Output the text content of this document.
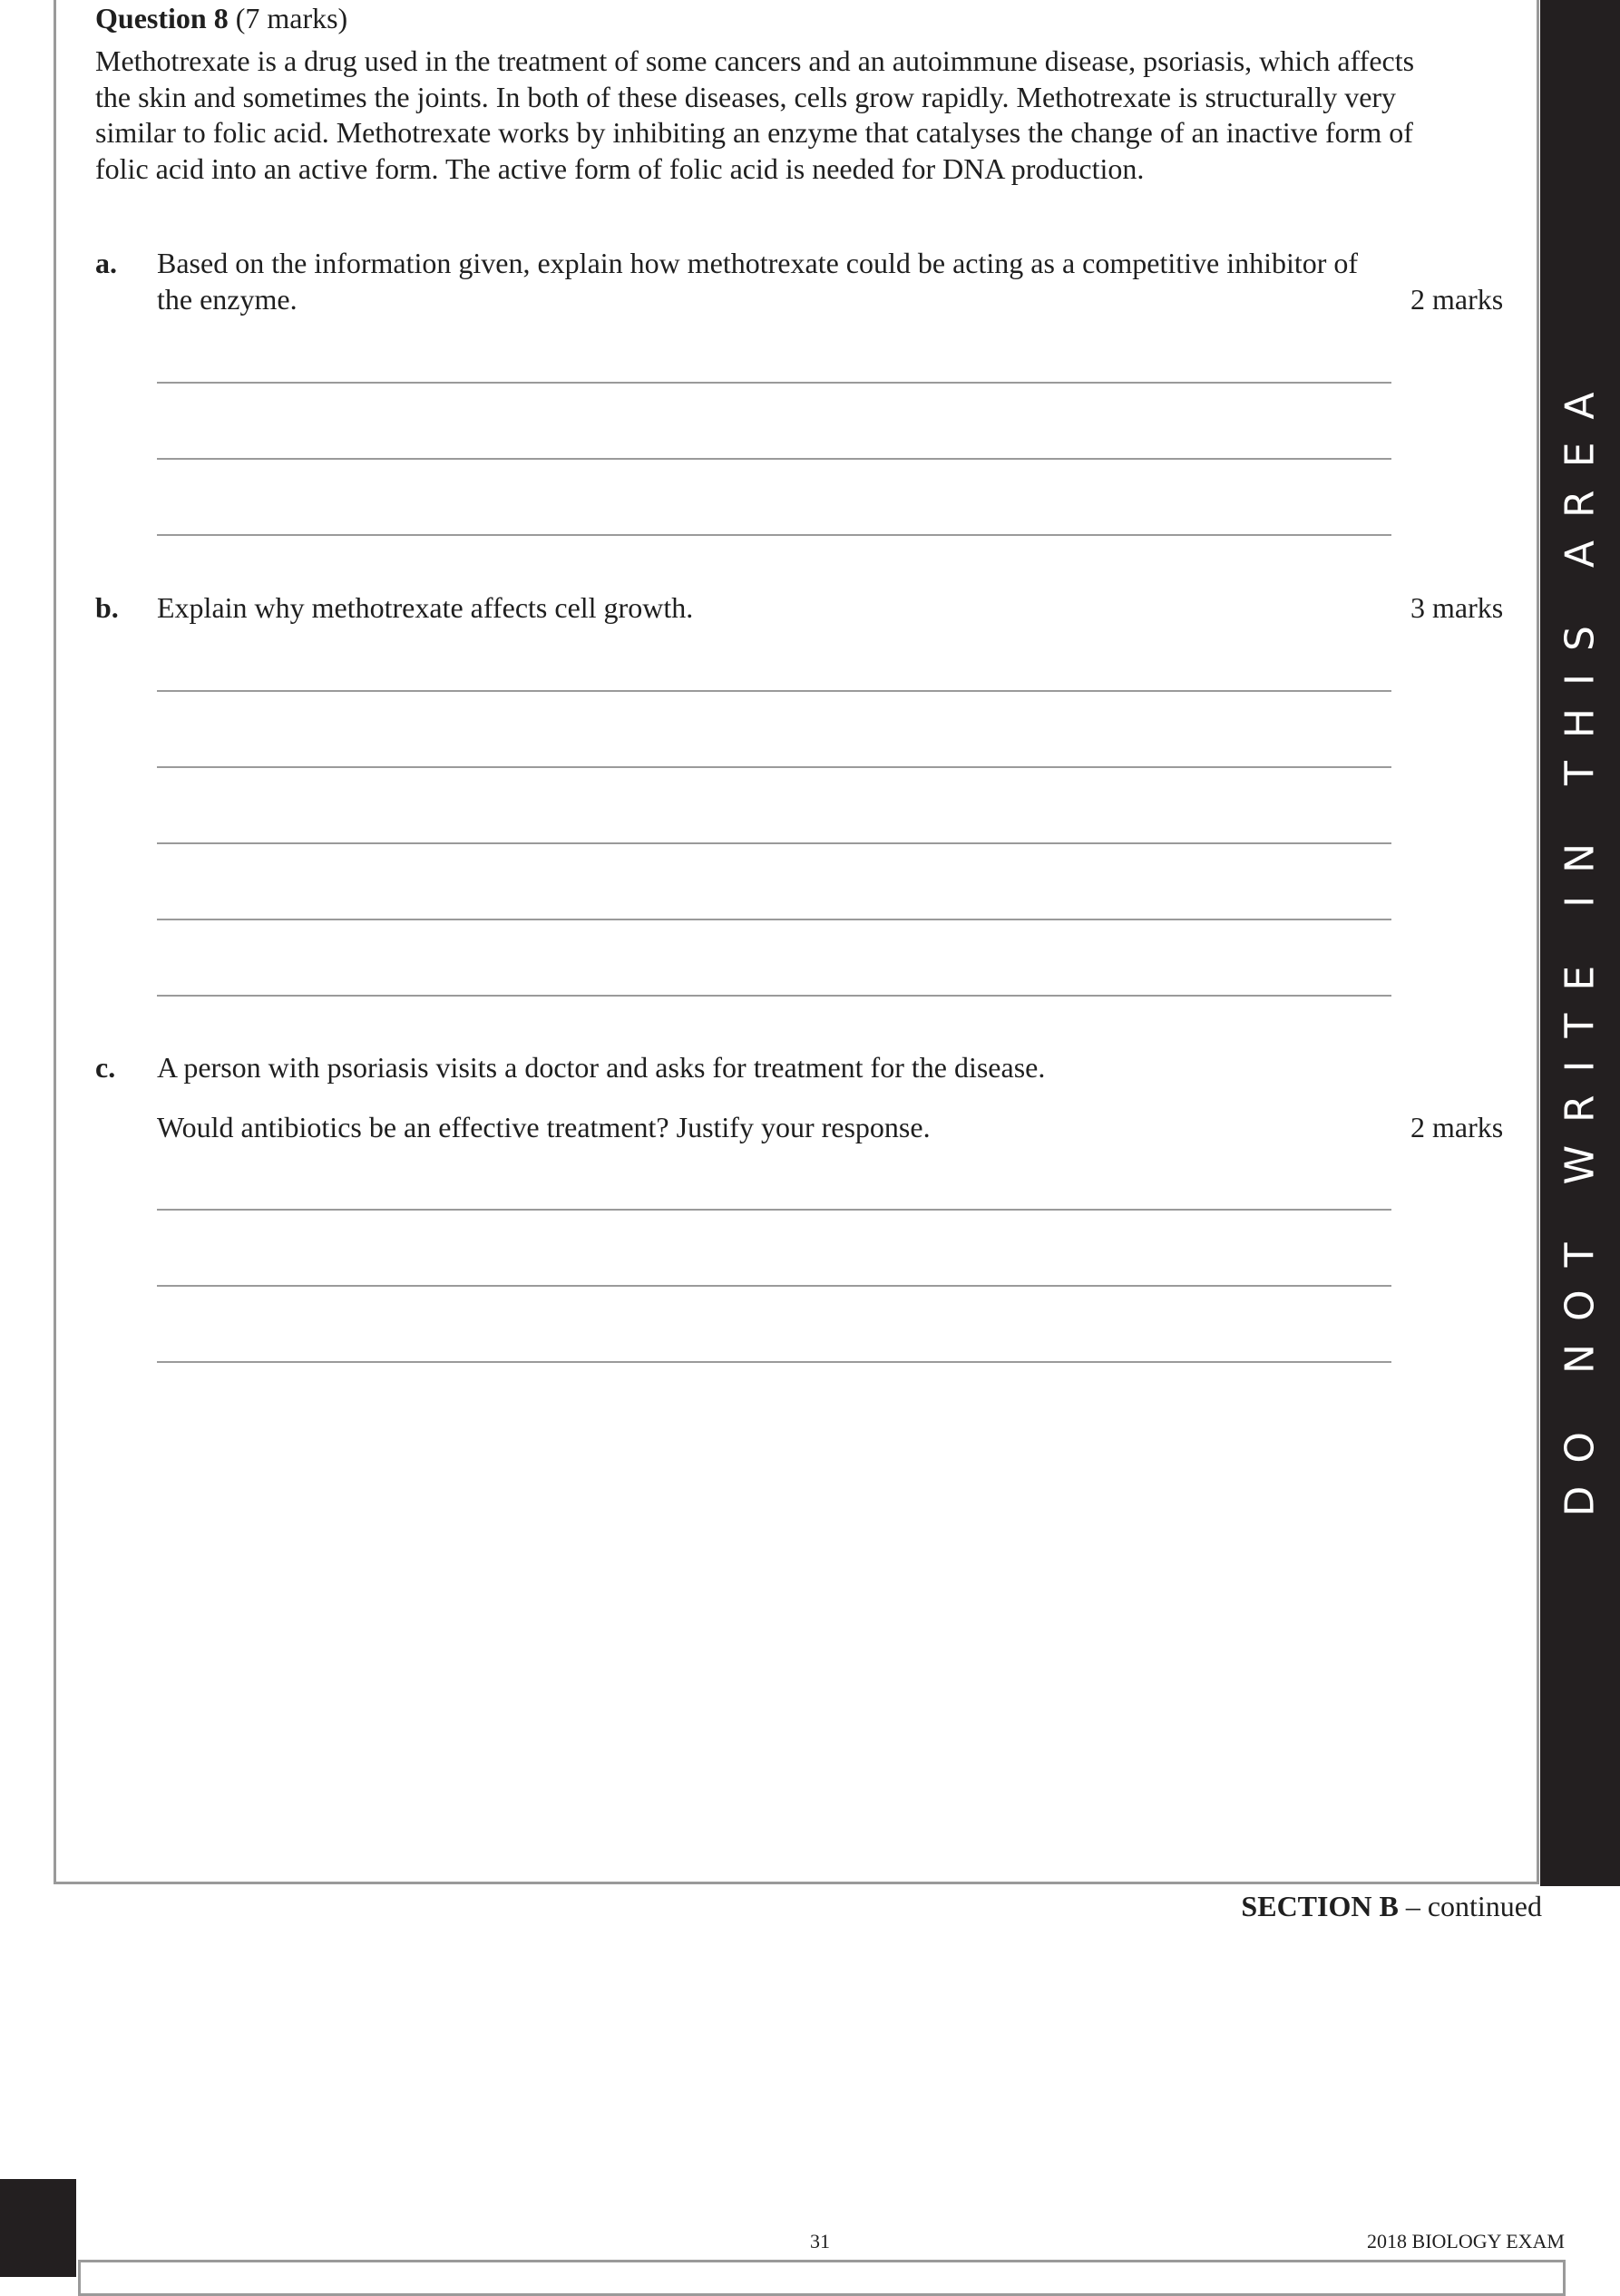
DO NOT WRITE IN THIS AREA
Question 8 (7 marks)
Methotrexate is a drug used in the treatment of some cancers and an autoimmune disease, psoriasis, which affects the skin and sometimes the joints. In both of these diseases, cells grow rapidly. Methotrexate is structurally very similar to folic acid. Methotrexate works by inhibiting an enzyme that catalyses the change of an inactive form of folic acid into an active form. The active form of folic acid is needed for DNA production.
a. Based on the information given, explain how methotrexate could be acting as a competitive inhibitor of the enzyme.	2 marks
b. Explain why methotrexate affects cell growth.	3 marks
c. A person with psoriasis visits a doctor and asks for treatment for the disease.
Would antibiotics be an effective treatment? Justify your response.	2 marks
SECTION B – continued
31	2018 BIOLOGY EXAM
